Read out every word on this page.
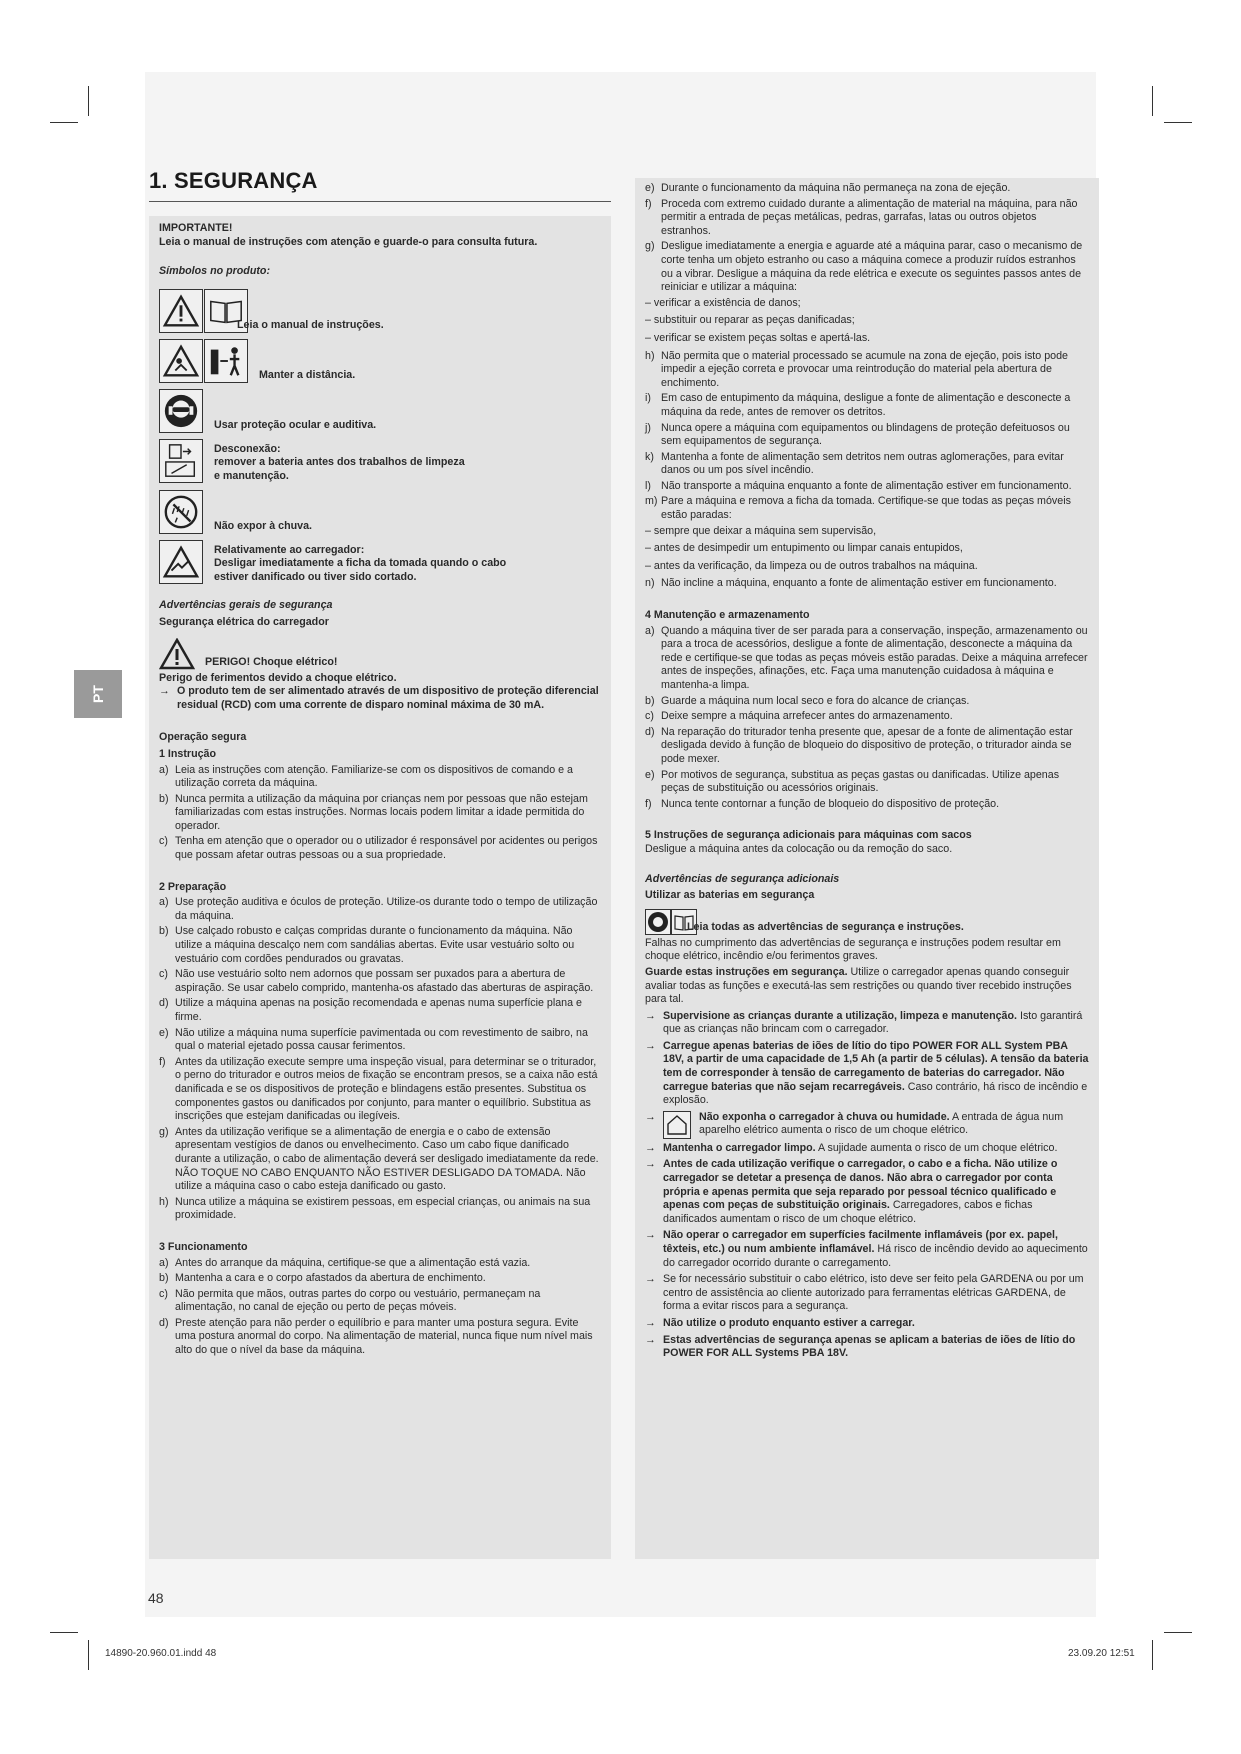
1. SEGURANÇA
PT
IMPORTANTE!
Leia o manual de instruções com atenção e guarde-o para consulta futura.
Símbolos no produto:
Leia o manual de instruções.
Manter a distância.
Usar proteção ocular e auditiva.
Desconexão:
remover a bateria antes dos trabalhos de limpeza
e manutenção.
Não expor à chuva.
Relativamente ao carregador:
Desligar imediatamente a ficha da tomada quando o cabo
estiver danificado ou tiver sido cortado.
Advertências gerais de segurança
Segurança elétrica do carregador
PERIGO! Choque elétrico!
Perigo de ferimentos devido a choque elétrico.
→ O produto tem de ser alimentado através de um dispositivo de proteção diferencial residual (RCD) com uma corrente de disparo nominal máxima de 30 mA.
Operação segura
1 Instrução
a) Leia as instruções com atenção. Familiarize-se com os dispositivos de comando e a utilização correta da máquina.
b) Nunca permita a utilização da máquina por crianças nem por pessoas que não estejam familiarizadas com estas instruções. Normas locais podem limitar a idade permitida do operador.
c) Tenha em atenção que o operador ou o utilizador é responsável por acidentes ou perigos que possam afetar outras pessoas ou a sua propriedade.
2 Preparação
a) Use proteção auditiva e óculos de proteção. Utilize-os durante todo o tempo de utilização da máquina.
b) Use calçado robusto e calças compridas durante o funcionamento da máquina. Não utilize a máquina descalço nem com sandálias abertas. Evite usar vestuário solto ou vestuário com cordões pendurados ou gravatas.
c) Não use vestuário solto nem adornos que possam ser puxados para a abertura de aspiração. Se usar cabelo comprido, mantenha-os afastado das aberturas de aspiração.
d) Utilize a máquina apenas na posição recomendada e apenas numa superfície plana e firme.
e) Não utilize a máquina numa superfície pavimentada ou com revestimento de saibro, na qual o material ejetado possa causar ferimentos.
f) Antes da utilização execute sempre uma inspeção visual, para determinar se o triturador, o perno do triturador e outros meios de fixação se encontram presos, se a caixa não está danificada e se os dispositivos de proteção e blindagens estão presentes. Substitua os componentes gastos ou danificados por conjunto, para manter o equilíbrio. Substitua as inscrições que estejam danificadas ou ilegíveis.
g) Antes da utilização verifique se a alimentação de energia e o cabo de extensão apresentam vestígios de danos ou envelhecimento. Caso um cabo fique danificado durante a utilização, o cabo de alimentação deverá ser desligado imediatamente da rede. NÃO TOQUE NO CABO ENQUANTO NÃO ESTIVER DESLIGADO DA TOMADA. Não utilize a máquina caso o cabo esteja danificado ou gasto.
h) Nunca utilize a máquina se existirem pessoas, em especial crianças, ou animais na sua proximidade.
3 Funcionamento
a) Antes do arranque da máquina, certifique-se que a alimentação está vazia.
b) Mantenha a cara e o corpo afastados da abertura de enchimento.
c) Não permita que mãos, outras partes do corpo ou vestuário, permaneçam na alimentação, no canal de ejeção ou perto de peças móveis.
d) Preste atenção para não perder o equilíbrio e para manter uma postura segura. Evite uma postura anormal do corpo. Na alimentação de material, nunca fique num nível mais alto do que o nível da base da máquina.
e) Durante o funcionamento da máquina não permaneça na zona de ejeção.
f) Proceda com extremo cuidado durante a alimentação de material na máquina, para não permitir a entrada de peças metálicas, pedras, garrafas, latas ou outros objetos estranhos.
g) Desligue imediatamente a energia e aguarde até a máquina parar, caso o mecanismo de corte tenha um objeto estranho ou caso a máquina comece a produzir ruídos estranhos ou a vibrar. Desligue a máquina da rede elétrica e execute os seguintes passos antes de reiniciar e utilizar a máquina:
– verificar a existência de danos;
– substituir ou reparar as peças danificadas;
– verificar se existem peças soltas e apertá-las.
h) Não permita que o material processado se acumule na zona de ejeção, pois isto pode impedir a ejeção correta e provocar uma reintrodução do material pela abertura de enchimento.
i) Em caso de entupimento da máquina, desligue a fonte de alimentação e desconecte a máquina da rede, antes de remover os detritos.
j) Nunca opere a máquina com equipamentos ou blindagens de proteção defeituosos ou sem equipamentos de segurança.
k) Mantenha a fonte de alimentação sem detritos nem outras aglomerações, para evitar danos ou um pos sível incêndio.
l) Não transporte a máquina enquanto a fonte de alimentação estiver em funcionamento.
m) Pare a máquina e remova a ficha da tomada. Certifique-se que todas as peças móveis estão paradas:
– sempre que deixar a máquina sem supervisão,
– antes de desimpedir um entupimento ou limpar canais entupidos,
– antes da verificação, da limpeza ou de outros trabalhos na máquina.
n) Não incline a máquina, enquanto a fonte de alimentação estiver em funcionamento.
4 Manutenção e armazenamento
a) Quando a máquina tiver de ser parada para a conservação, inspeção, armazenamento ou para a troca de acessórios, desligue a fonte de alimentação, desconecte a máquina da rede e certifique-se que todas as peças móveis estão paradas. Deixe a máquina arrefecer antes de inspeções, afinações, etc. Faça uma manutenção cuidadosa à máquina e mantenha-a limpa.
b) Guarde a máquina num local seco e fora do alcance de crianças.
c) Deixe sempre a máquina arrefecer antes do armazenamento.
d) Na reparação do triturador tenha presente que, apesar de a fonte de alimentação estar desligada devido à função de bloqueio do dispositivo de proteção, o triturador ainda se pode mexer.
e) Por motivos de segurança, substitua as peças gastas ou danificadas. Utilize apenas peças de substituição ou acessórios originais.
f) Nunca tente contornar a função de bloqueio do dispositivo de proteção.
5 Instruções de segurança adicionais para máquinas com sacos
Desligue a máquina antes da colocação ou da remoção do saco.
Advertências de segurança adicionais
Utilizar as baterias em segurança
Leia todas as advertências de segurança e instruções.
Falhas no cumprimento das advertências de segurança e instruções podem resultar em choque elétrico, incêndio e/ou ferimentos graves.
Guarde estas instruções em segurança. Utilize o carregador apenas quando conseguir avaliar todas as funções e executá-las sem restrições ou quando tiver recebido instruções para tal.
→ Supervisione as crianças durante a utilização, limpeza e manutenção. Isto garantirá que as crianças não brincam com o carregador.
→ Carregue apenas baterias de iões de lítio do tipo POWER FOR ALL System PBA 18V, a partir de uma capacidade de 1,5 Ah (a partir de 5 células). A tensão da bateria tem de corresponder à tensão de carregamento de baterias do carregador. Não carregue baterias que não sejam recarregáveis. Caso contrário, há risco de incêndio e explosão.
→	Não exponha o carregador à chuva ou humidade. A entrada de água num aparelho elétrico aumenta o risco de um choque elétrico.
→ Mantenha o carregador limpo. A sujidade aumenta o risco de um choque elétrico.
→ Antes de cada utilização verifique o carregador, o cabo e a ficha. Não utilize o carregador se detetar a presença de danos. Não abra o carregador por conta própria e apenas permita que seja reparado por pessoal técnico qualificado e apenas com peças de substituição originais. Carregadores, cabos e fichas danificados aumentam o risco de um choque elétrico.
→ Não operar o carregador em superfícies facilmente inflamáveis (por ex. papel, têxteis, etc.) ou num ambiente inflamável. Há risco de incêndio devido ao aquecimento do carregador ocorrido durante o carregamento.
→ Se for necessário substituir o cabo elétrico, isto deve ser feito pela GARDENA ou por um centro de assistência ao cliente autorizado para ferramentas elétricas GARDENA, de forma a evitar riscos para a segurança.
→ Não utilize o produto enquanto estiver a carregar.
→ Estas advertências de segurança apenas se aplicam a baterias de iões de lítio do POWER FOR ALL Systems PBA 18V.
48
14890-20.960.01.indd 48	23.09.20 12:51
